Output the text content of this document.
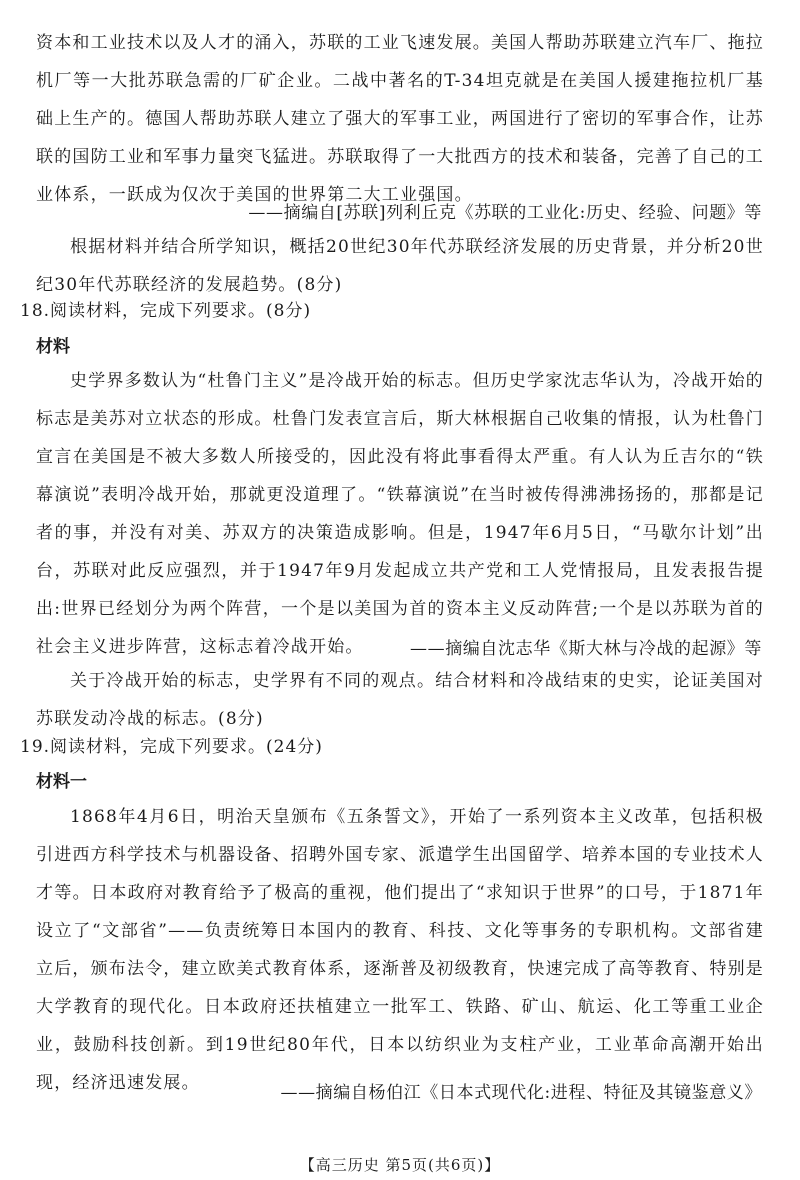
资本和工业技术以及人才的涌入，苏联的工业飞速发展。美国人帮助苏联建立汽车厂、拖拉机厂等一大批苏联急需的厂矿企业。二战中著名的T-34坦克就是在美国人援建拖拉机厂基础上生产的。德国人帮助苏联人建立了强大的军事工业，两国进行了密切的军事合作，让苏联的国防工业和军事力量突飞猛进。苏联取得了一大批西方的技术和装备，完善了自己的工业体系，一跃成为仅次于美国的世界第二大工业强国。

——摘编自[苏联]列利丘克《苏联的工业化:历史、经验、问题》等

根据材料并结合所学知识，概括20世纪30年代苏联经济发展的历史背景，并分析20世纪30年代苏联经济的发展趋势。(8分)

18.阅读材料，完成下列要求。(8分)
材料

史学界多数认为“杜鲁门主义”是冷战开始的标志。但历史学家沈志华认为，冷战开始的标志是美苏对立状态的形成。杜鲁门发表宣言后，斯大林根据自己收集的情报，认为杜鲁门宣言在美国是不被大多数人所接受的，因此没有将此事看得太严重。有人认为丘吉尔的“铁幕演说”表明冷战开始，那就更没道理了。“铁幕演说”在当时被传得沸沸扬扬的，那都是记者的事，并没有对美、苏双方的决策造成影响。但是，1947年6月5日，“马歇尔计划”出台，苏联对此反应强烈，并于1947年9月发起成立共产党和工人党情报局，且发表报告提出:世界已经划分为两个阵营，一个是以美国为首的资本主义反动阵营;一个是以苏联为首的社会主义进步阵营，这标志着冷战开始。	——摘编自沈志华《斯大林与冷战的起源》等

关于冷战开始的标志，史学界有不同的观点。结合材料和冷战结束的史实，论证美国对苏联发动冷战的标志。(8分)

19.阅读材料，完成下列要求。(24分)
材料一

1868年4月6日，明治天皇颁布《五条誓文》，开始了一系列资本主义改革，包括积极引进西方科学技术与机器设备、招聘外国专家、派遣学生出国留学、培养本国的专业技术人才等。日本政府对教育给予了极高的重视，他们提出了“求知识于世界”的口号，于1871年设立了“文部省”——负责统筹日本国内的教育、科技、文化等事务的专职机构。文部省建立后，颁布法令，建立欧美式教育体系，逐渐普及初级教育，快速完成了高等教育、特别是大学教育的现代化。日本政府还扶植建立一批军工、铁路、矿山、航运、化工等重工业企业，鼓励科技创新。到19世纪80年代，日本以纺织业为支柱产业，工业革命高潮开始出现，经济迅速发展。	——摘编自杨伯江《日本式现代化:进程、特征及其镜鉴意义》
【高三历史 第5页(共6页)】
